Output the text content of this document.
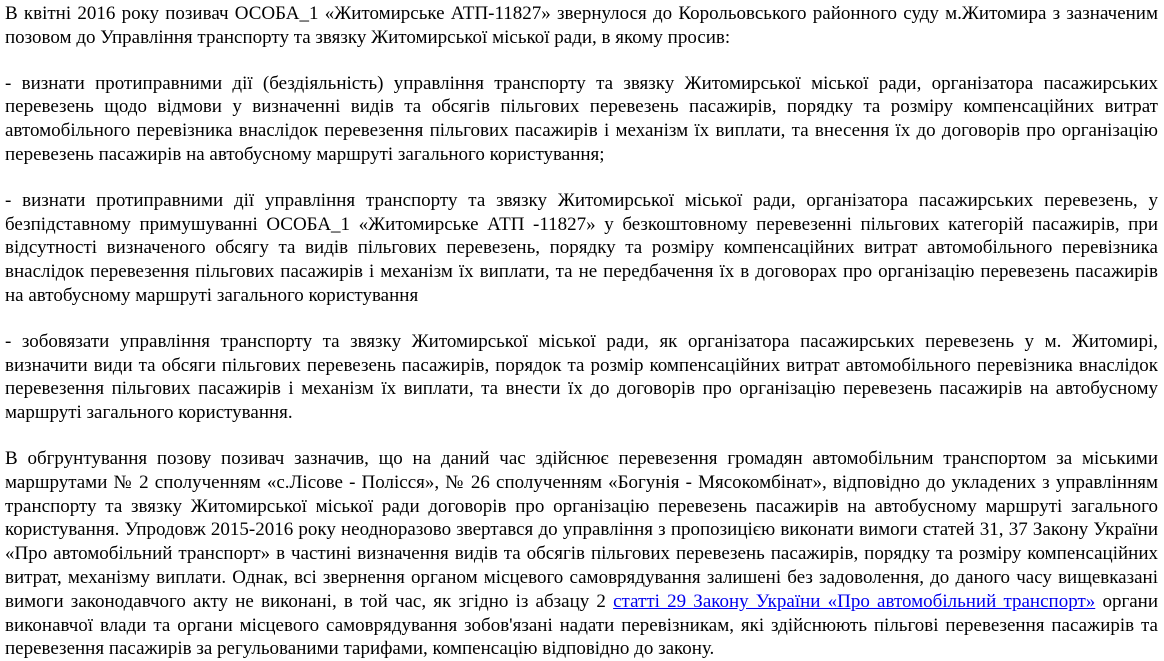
В квітні 2016 року позивач ОСОБА_1 «Житомирське АТП-11827» звернулося до Корольовського районного суду м.Житомира з зазначеним позовом до Управління транспорту та звязку Житомирської міської ради, в якому просив:

- визнати протиправними дії (бездіяльність) управління транспорту та звязку Житомирської міської ради, організатора пасажирських перевезень щодо відмови у визначенні видів та обсягів пільгових перевезень пасажирів, порядку та розміру компенсаційних витрат автомобільного перевізника внаслідок перевезення пільгових пасажирів і механізм їх виплати, та внесення їх до договорів про організацію перевезень пасажирів на автобусному маршруті загального користування;

- визнати протиправними дії управління транспорту та звязку Житомирської міської ради, організатора пасажирських перевезень, у безпідставному примушуванні ОСОБА_1 «Житомирське АТП -11827» у безкоштовному перевезенні пільгових категорій пасажирів, при відсутності визначеного обсягу та видів пільгових перевезень, порядку та розміру компенсаційних витрат автомобільного перевізника внаслідок перевезення пільгових пасажирів і механізм їх виплати, та не передбачення їх в договорах про організацію перевезень пасажирів на автобусному маршруті загального користування

- зобовязати управління транспорту та звязку Житомирської міської ради, як організатора пасажирських перевезень у м. Житомирі, визначити види та обсяги пільгових перевезень пасажирів, порядок та розмір компенсаційних витрат автомобільного перевізника внаслідок перевезення пільгових пасажирів і механізм їх виплати, та внести їх до договорів про організацію перевезень пасажирів на автобусному маршруті загального користування.

В обгрунтування позову позивач зазначив, що на даний час здійснює перевезення громадян автомобільним транспортом за міськими маршрутами № 2 сполученням «с.Лісове - Полісся», № 26 сполученням «Богунія - Мясокомбінат», відповідно до укладених з управлінням транспорту та звязку Житомирської міської ради договорів про організацію перевезень пасажирів на автобусному маршруті загального користування. Упродовж 2015-2016 року неодноразово звертався до управління з пропозицією виконати вимоги статей 31, 37 Закону України «Про автомобільний транспорт» в частині визначення видів та обсягів пільгових перевезень пасажирів, порядку та розміру компенсаційних витрат, механізму виплати. Однак, всі звернення органом місцевого самоврядування залишені без задоволення, до даного часу вищевказані вимоги законодавчого акту не виконані, в той час, як згідно із абзацу 2 статті 29 Закону України «Про автомобільний транспорт» органи виконавчої влади та органи місцевого самоврядування зобов'язані надати перевізникам, які здійснюють пільгові перевезення пасажирів та перевезення пасажирів за регульованими тарифами, компенсацію відповідно до закону.
